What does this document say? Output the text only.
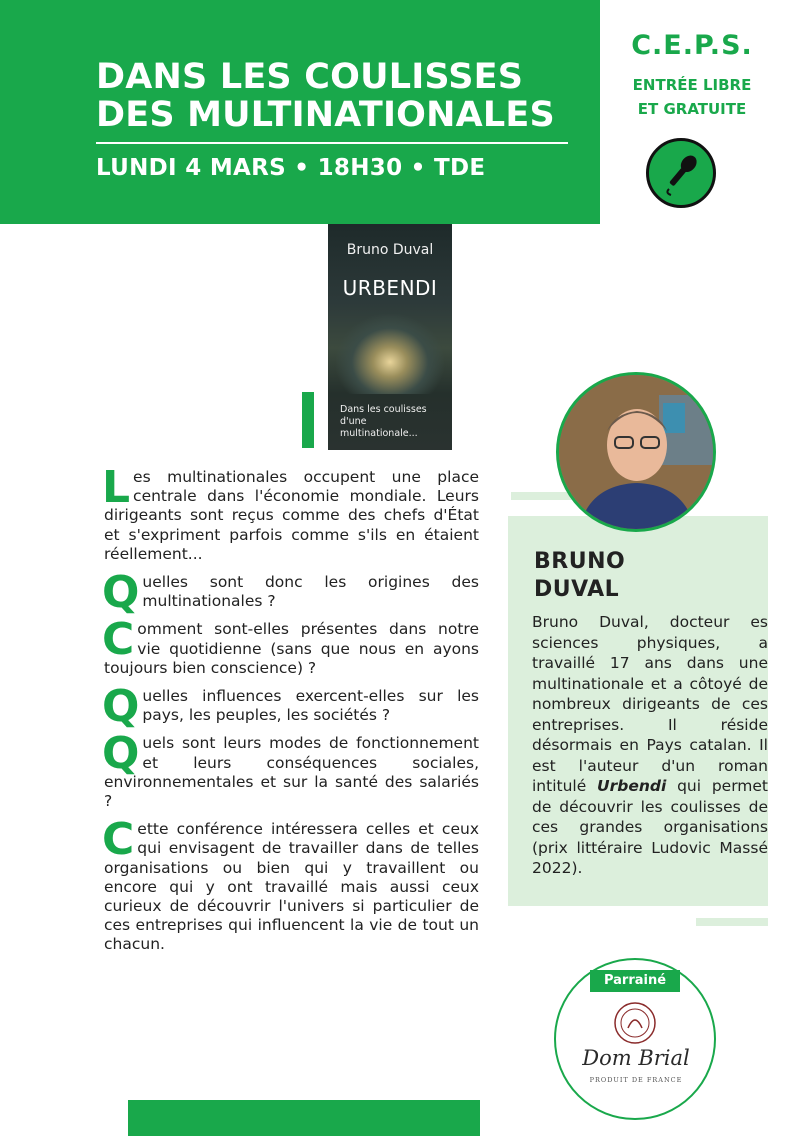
DANS LES COULISSES
DES MULTINATIONALES
LUNDI 4 MARS • 18H30 • TDE
C.E.P.S.
ENTRÉE LIBRE
ET GRATUITE
Bruno Duval
URBENDI
Dans les coulisses d'une multinationale...

Les multinationales occupent une place centrale dans l'économie mondiale. Leurs dirigeants sont reçus comme des chefs d'État et s'expriment parfois comme s'ils en étaient réellement...

Quelles sont donc les origines des multinationales ?

Comment sont-elles présentes dans notre vie quotidienne (sans que nous en ayons toujours bien conscience) ?

Quelles influences exercent-elles sur les pays, les peuples, les sociétés ?

Quels sont leurs modes de fonctionnement et leurs conséquences sociales, environnementales et sur la santé des salariés ?

Cette conférence intéressera celles et ceux qui envisagent de travailler dans de telles organisations ou bien qui y travaillent ou encore qui y ont travaillé mais aussi ceux curieux de découvrir l'univers si particulier de ces entreprises qui influencent la vie de tout un chacun.

BRUNO
DUVAL
Bruno Duval, docteur es sciences physiques, a travaillé 17 ans dans une multinationale et a côtoyé de nombreux dirigeants de ces entreprises. Il réside désormais en Pays catalan. Il est l'auteur d'un roman intitulé Urbendi qui permet de découvrir les coulisses de ces grandes organisations (prix littéraire Ludovic Massé 2022).
Parrainé par
Dom Brial
PRODUIT DE FRANCE
